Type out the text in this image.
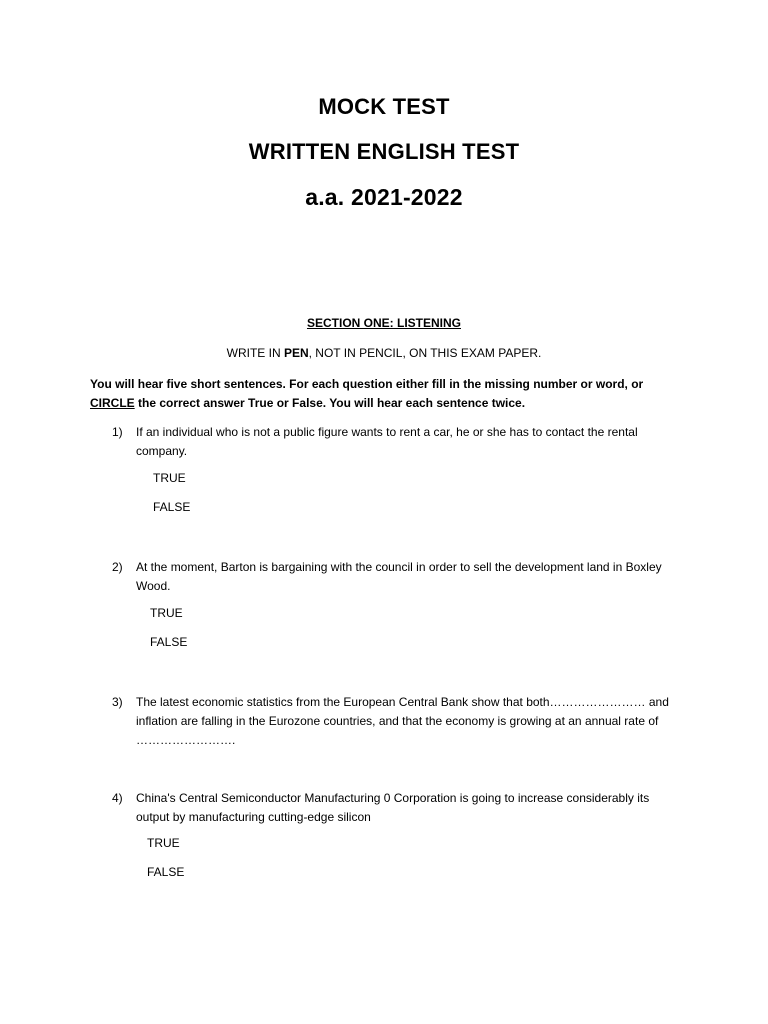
MOCK TEST
WRITTEN ENGLISH TEST
a.a. 2021-2022
SECTION ONE: LISTENING
WRITE IN PEN, NOT IN PENCIL, ON THIS EXAM PAPER.
You will hear five short sentences. For each question either fill in the missing number or word, or CIRCLE the correct answer True or False. You will hear each sentence twice.
1) If an individual who is not a public figure wants to rent a car, he or she has to contact the rental company.
TRUE
FALSE
2) At the moment, Barton is bargaining with the council in order to sell the development land in Boxley Wood.
TRUE
FALSE
3) The latest economic statistics from the European Central Bank show that both…………………… and inflation are falling in the Eurozone countries, and that the economy is growing at an annual rate of …………………….
4) China's Central Semiconductor Manufacturing 0 Corporation is going to increase considerably its output by manufacturing cutting-edge silicon
TRUE
FALSE
